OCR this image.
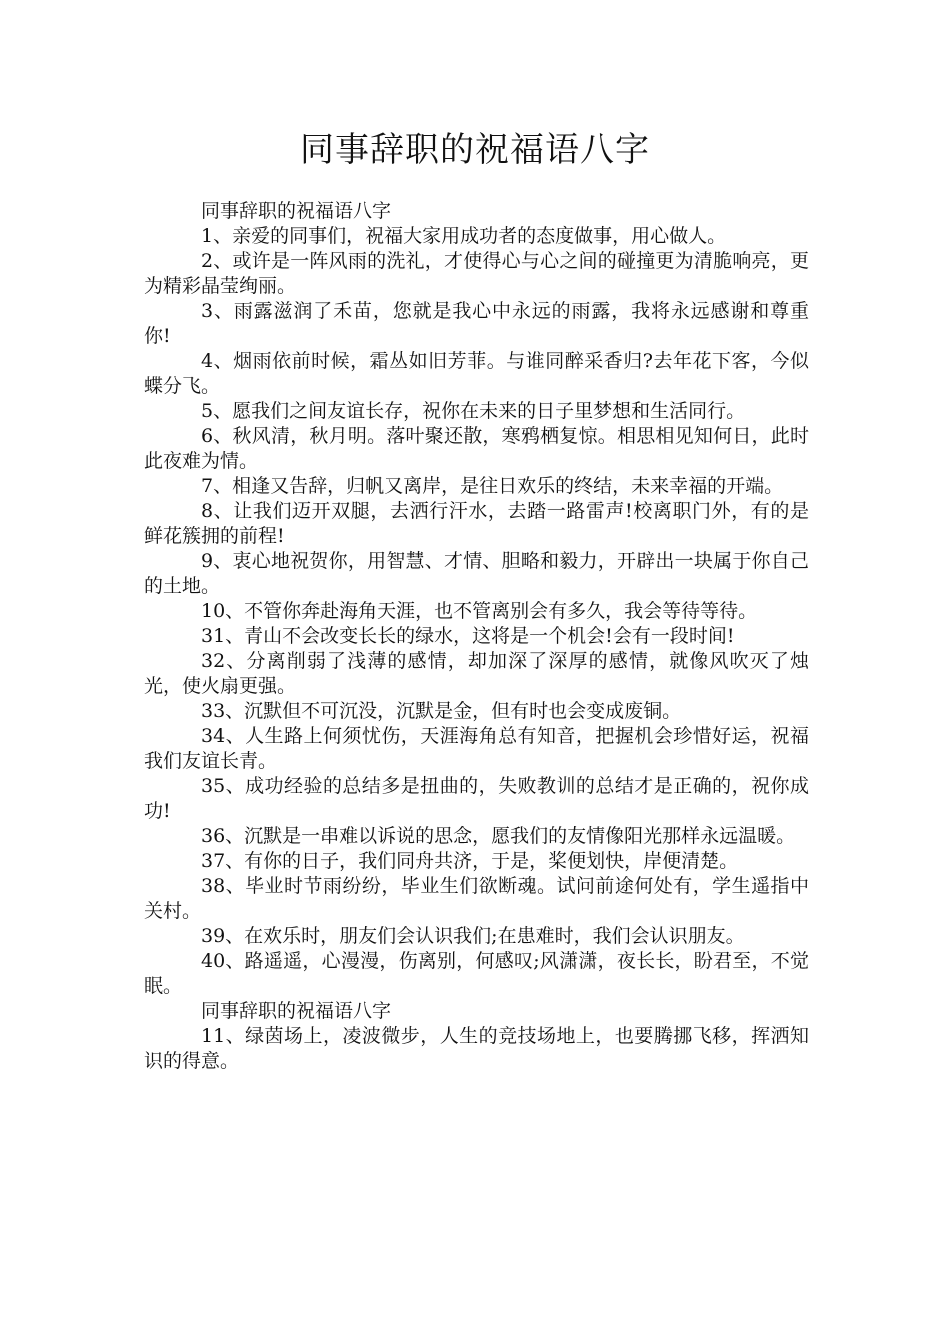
同事辞职的祝福语八字

同事辞职的祝福语八字

1、亲爱的同事们，祝福大家用成功者的态度做事，用心做人。

2、或许是一阵风雨的洗礼，才使得心与心之间的碰撞更为清脆响亮，更为精彩晶莹绚丽。

3、雨露滋润了禾苗，您就是我心中永远的雨露，我将永远感谢和尊重你!

4、烟雨依前时候，霜丛如旧芳菲。与谁同醉采香归?去年花下客，今似蝶分飞。

5、愿我们之间友谊长存，祝你在未来的日子里梦想和生活同行。

6、秋风清，秋月明。落叶聚还散，寒鸦栖复惊。相思相见知何日，此时此夜难为情。

7、相逢又告辞，归帆又离岸，是往日欢乐的终结，未来幸福的开端。

8、让我们迈开双腿，去洒行汗水，去踏一路雷声!校离职门外，有的是鲜花簇拥的前程!

9、衷心地祝贺你，用智慧、才情、胆略和毅力，开辟出一块属于你自己的土地。

10、不管你奔赴海角天涯，也不管离别会有多久，我会等待等待。

31、青山不会改变长长的绿水，这将是一个机会!会有一段时间!

32、分离削弱了浅薄的感情，却加深了深厚的感情，就像风吹灭了烛光，使火扇更强。

33、沉默但不可沉没，沉默是金，但有时也会变成废铜。

34、人生路上何须忧伤，天涯海角总有知音，把握机会珍惜好运，祝福我们友谊长青。

35、成功经验的总结多是扭曲的，失败教训的总结才是正确的，祝你成功!

36、沉默是一串难以诉说的思念，愿我们的友情像阳光那样永远温暖。

37、有你的日子，我们同舟共济，于是，桨便划快，岸便清楚。

38、毕业时节雨纷纷，毕业生们欲断魂。试问前途何处有，学生遥指中关村。

39、在欢乐时，朋友们会认识我们;在患难时，我们会认识朋友。

40、路遥遥，心漫漫，伤离别，何感叹;风潇潇，夜长长，盼君至，不觉眠。

同事辞职的祝福语八字

11、绿茵场上，凌波微步，人生的竞技场地上，也要腾挪飞移，挥洒知识的得意。
